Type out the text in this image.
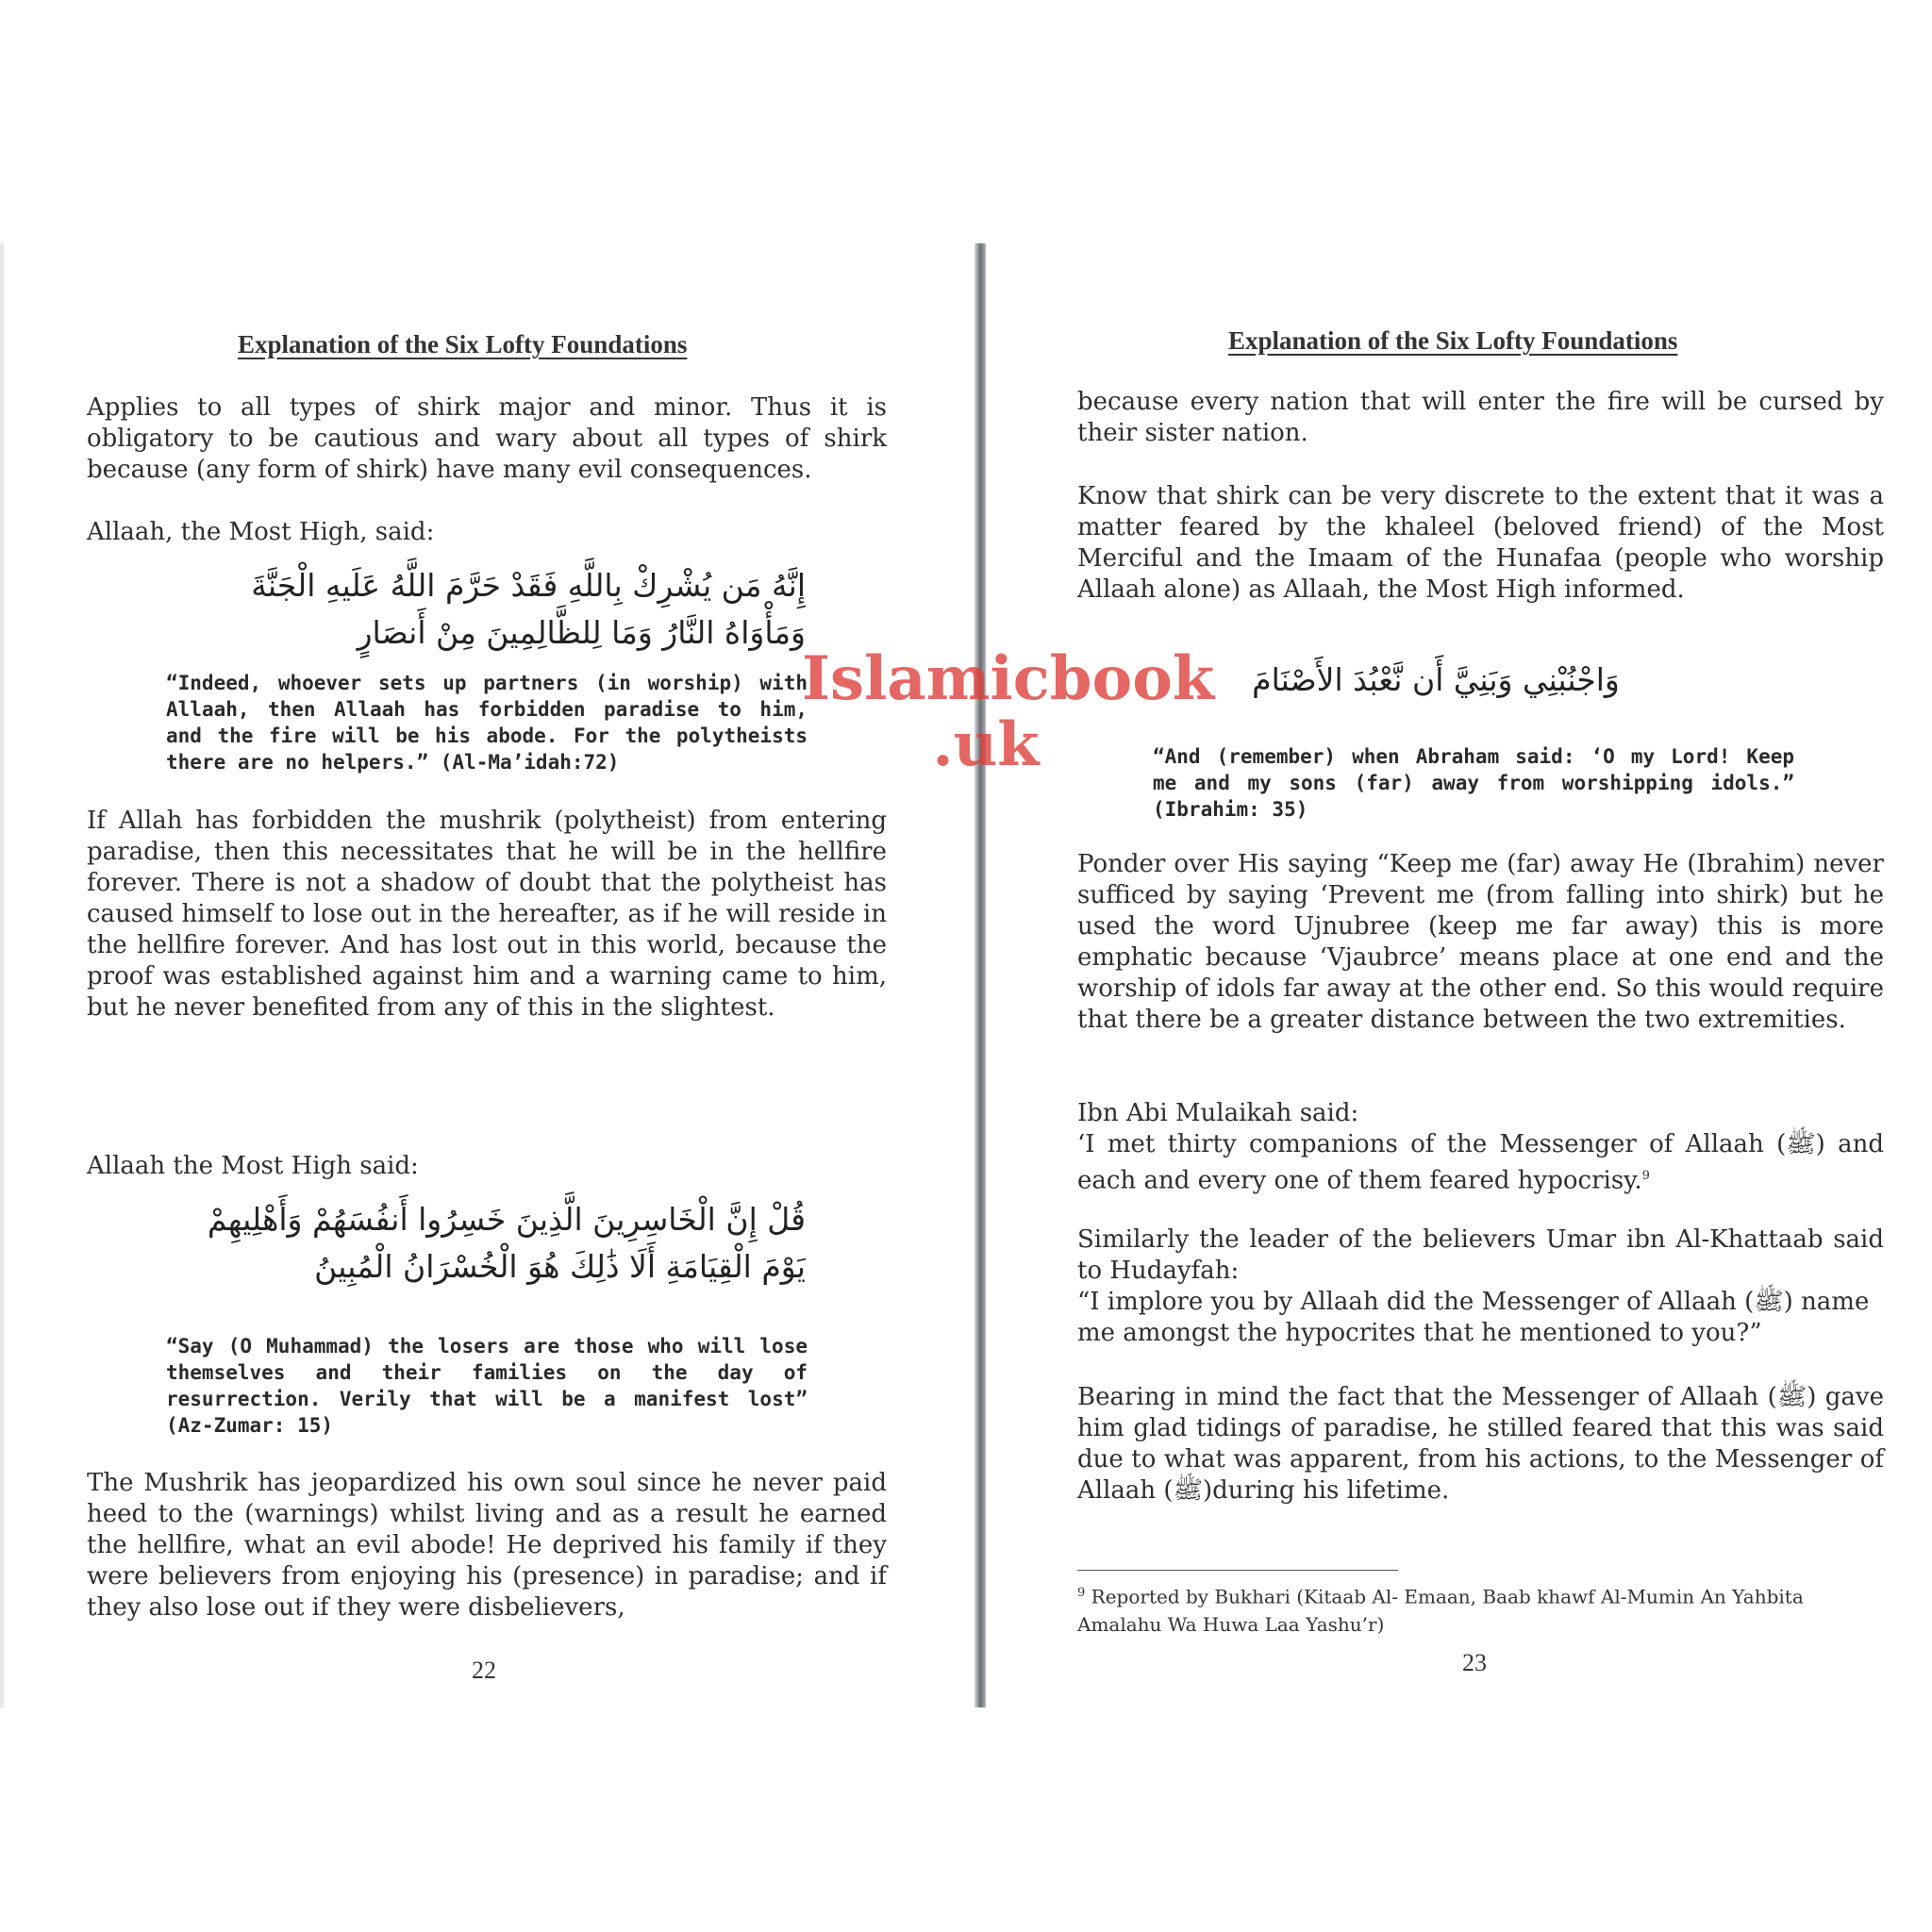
Explanation of the Six Lofty Foundations

Applies to all types of shirk major and minor. Thus it is obligatory to be cautious and wary about all types of shirk because (any form of shirk) have many evil consequences.

Allaah, the Most High, said:

إِنَّهُ مَن يُشْرِكْ بِاللَّهِ فَقَدْ حَرَّمَ اللَّهُ عَلَيهِ الْجَنَّةَ وَمَأْوَاهُ النَّارُ وَمَا لِلظَّالِمِينَ مِنْ أَنصَارٍ
“Indeed, whoever sets up partners (in worship) with Allaah, then Allaah has forbidden paradise to him, and the fire will be his abode. For the polytheists there are no helpers.” (Al-Ma’idah:72)

If Allah has forbidden the mushrik (polytheist) from entering paradise, then this necessitates that he will be in the hellfire forever. There is not a shadow of doubt that the polytheist has caused himself to lose out in the hereafter, as if he will reside in the hellfire forever. And has lost out in this world, because the proof was established against him and a warning came to him, but he never benefited from any of this in the slightest.

Allaah the Most High said:

قُلْ إِنَّ الْخَاسِرِينَ الَّذِينَ خَسِرُوا أَنفُسَهُمْ وَأَهْلِيهِمْ يَوْمَ الْقِيَامَةِ أَلَا ذَٰلِكَ هُوَ الْخُسْرَانُ الْمُبِينُ
“Say (O Muhammad) the losers are those who will lose themselves and their families on the day of resurrection. Verily that will be a manifest lost” (Az-Zumar: 15)

The Mushrik has jeopardized his own soul since he never paid heed to the (warnings) whilst living and as a result he earned the hellfire, what an evil abode! He deprived his family if they were believers from enjoying his (presence) in paradise; and if they also lose out if they were disbelievers,

22
Explanation of the Six Lofty Foundations

because every nation that will enter the fire will be cursed by their sister nation.

Know that shirk can be very discrete to the extent that it was a matter feared by the khaleel (beloved friend) of the Most Merciful and the Imaam of the Hunafaa (people who worship Allaah alone) as Allaah, the Most High informed.

وَاجْنُبْنِي وَبَنِيَّ أَن نَّعْبُدَ الأَصْنَامَ
“And (remember) when Abraham said: ‘O my Lord! Keep me and my sons (far) away from worshipping idols.” (Ibrahim: 35)

Ponder over His saying “Keep me (far) away He (Ibrahim) never sufficed by saying ‘Prevent me (from falling into shirk) but he used the word Ujnubree (keep me far away) this is more emphatic because ‘Vjaubrce’ means place at one end and the worship of idols far away at the other end. So this would require that there be a greater distance between the two extremities.

Ibn Abi Mulaikah said:
‘I met thirty companions of the Messenger of Allaah (ﷺ) and each and every one of them feared hypocrisy.$^9$
Similarly the leader of the believers Umar ibn Al-Khattaab said to Hudayfah:
“I implore you by Allaah did the Messenger of Allaah (ﷺ) name me amongst the hypocrites that he mentioned to you?”

Bearing in mind the fact that the Messenger of Allaah (ﷺ) gave him glad tidings of paradise, he stilled feared that this was said due to what was apparent, from his actions, to the Messenger of Allaah (ﷺ)during his lifetime.

$^9$ Reported by Bukhari (Kitaab Al- Emaan, Baab khawf Al-Mumin An Yahbita Amalahu Wa Huwa Laa Yashu’r)
23
Islamicbook
.uk
